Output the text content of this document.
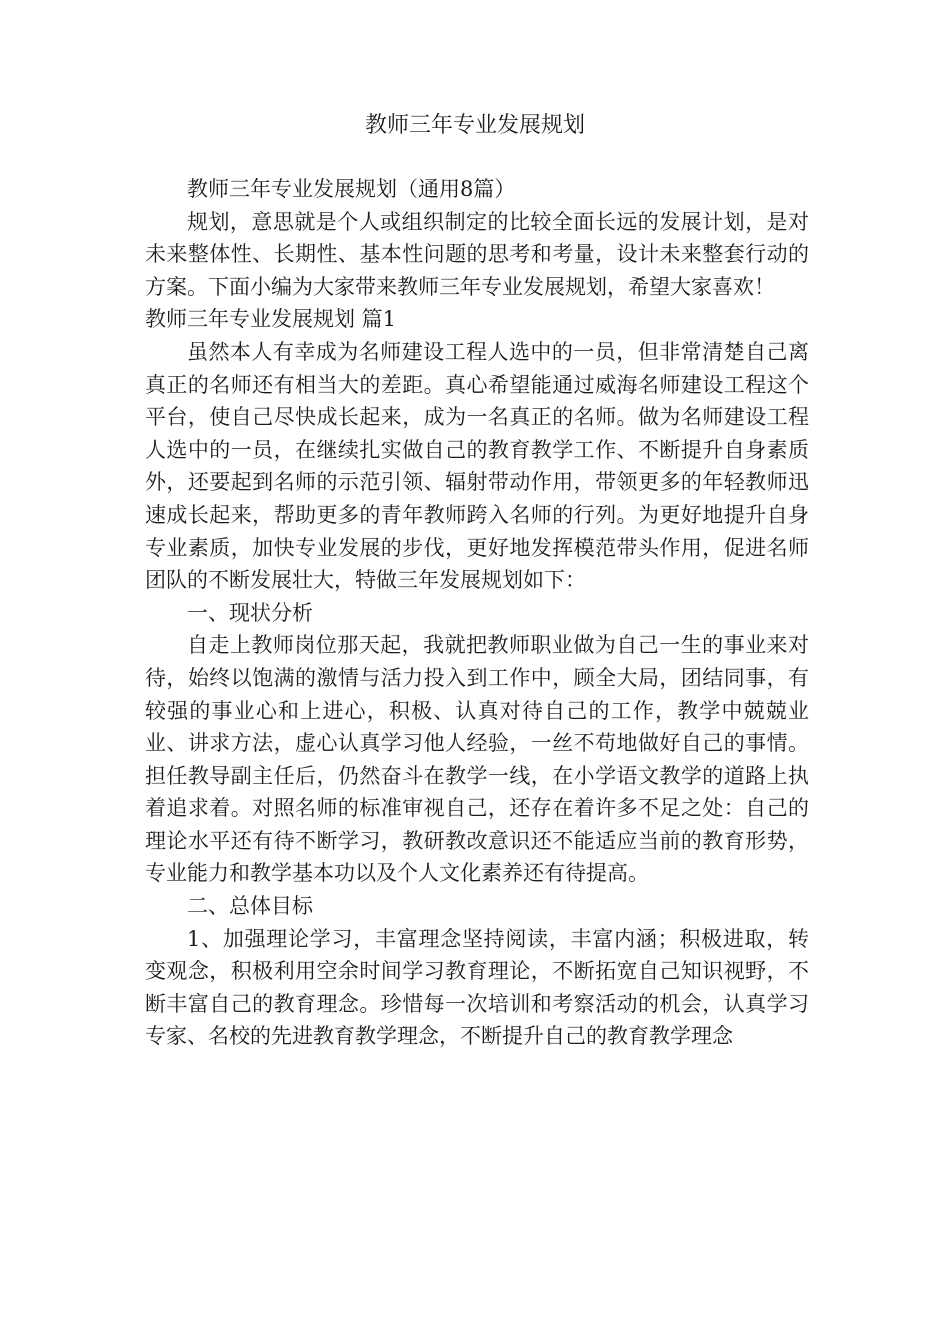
教师三年专业发展规划

教师三年专业发展规划（通用8篇）

规划，意思就是个人或组织制定的比较全面长远的发展计划，是对未来整体性、长期性、基本性问题的思考和考量，设计未来整套行动的方案。下面小编为大家带来教师三年专业发展规划，希望大家喜欢！

教师三年专业发展规划 篇1

虽然本人有幸成为名师建设工程人选中的一员，但非常清楚自己离真正的名师还有相当大的差距。真心希望能通过威海名师建设工程这个平台，使自己尽快成长起来，成为一名真正的名师。做为名师建设工程人选中的一员，在继续扎实做自己的教育教学工作、不断提升自身素质外，还要起到名师的示范引领、辐射带动作用，带领更多的年轻教师迅速成长起来，帮助更多的青年教师跨入名师的行列。为更好地提升自身专业素质，加快专业发展的步伐，更好地发挥模范带头作用，促进名师团队的不断发展壮大，特做三年发展规划如下：

一、现状分析

自走上教师岗位那天起，我就把教师职业做为自己一生的事业来对待，始终以饱满的激情与活力投入到工作中，顾全大局，团结同事，有较强的事业心和上进心，积极、认真对待自己的工作，教学中兢兢业业、讲求方法，虚心认真学习他人经验，一丝不苟地做好自己的事情。担任教导副主任后，仍然奋斗在教学一线，在小学语文教学的道路上执着追求着。对照名师的标准审视自己，还存在着许多不足之处：自己的理论水平还有待不断学习，教研教改意识还不能适应当前的教育形势，专业能力和教学基本功以及个人文化素养还有待提高。

二、总体目标

1、加强理论学习，丰富理念坚持阅读，丰富内涵；积极进取，转变观念，积极利用空余时间学习教育理论，不断拓宽自己知识视野，不断丰富自己的教育理念。珍惜每一次培训和考察活动的机会，认真学习专家、名校的先进教育教学理念，不断提升自己的教育教学理念
